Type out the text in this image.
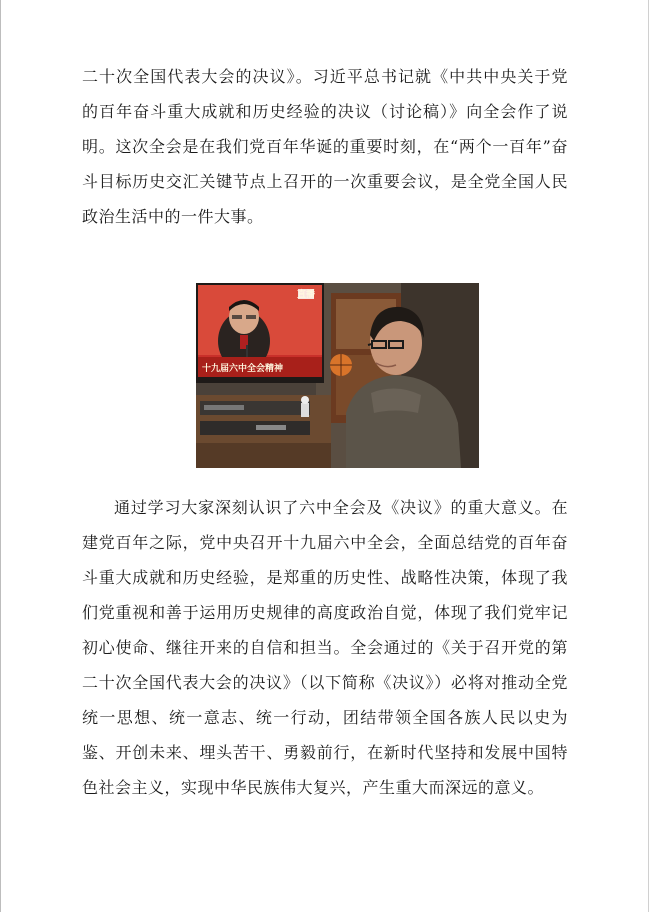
二十次全国代表大会的决议》。习近平总书记就《中共中央关于党的百年奋斗重大成就和历史经验的决议（讨论稿）》向全会作了说明。这次全会是在我们党百年华诞的重要时刻，在“两个一百年”奋斗目标历史交汇关键节点上召开的一次重要会议，是全党全国人民政治生活中的一件大事。

直播
十九届六中全会精神

通过学习大家深刻认识了六中全会及《决议》的重大意义。在建党百年之际，党中央召开十九届六中全会，全面总结党的百年奋斗重大成就和历史经验，是郑重的历史性、战略性决策，体现了我们党重视和善于运用历史规律的高度政治自觉，体现了我们党牢记初心使命、继往开来的自信和担当。全会通过的《关于召开党的第二十次全国代表大会的决议》（以下简称《决议》）必将对推动全党统一思想、统一意志、统一行动，团结带领全国各族人民以史为鉴、开创未来、埋头苦干、勇毅前行，在新时代坚持和发展中国特色社会主义，实现中华民族伟大复兴，产生重大而深远的意义。
